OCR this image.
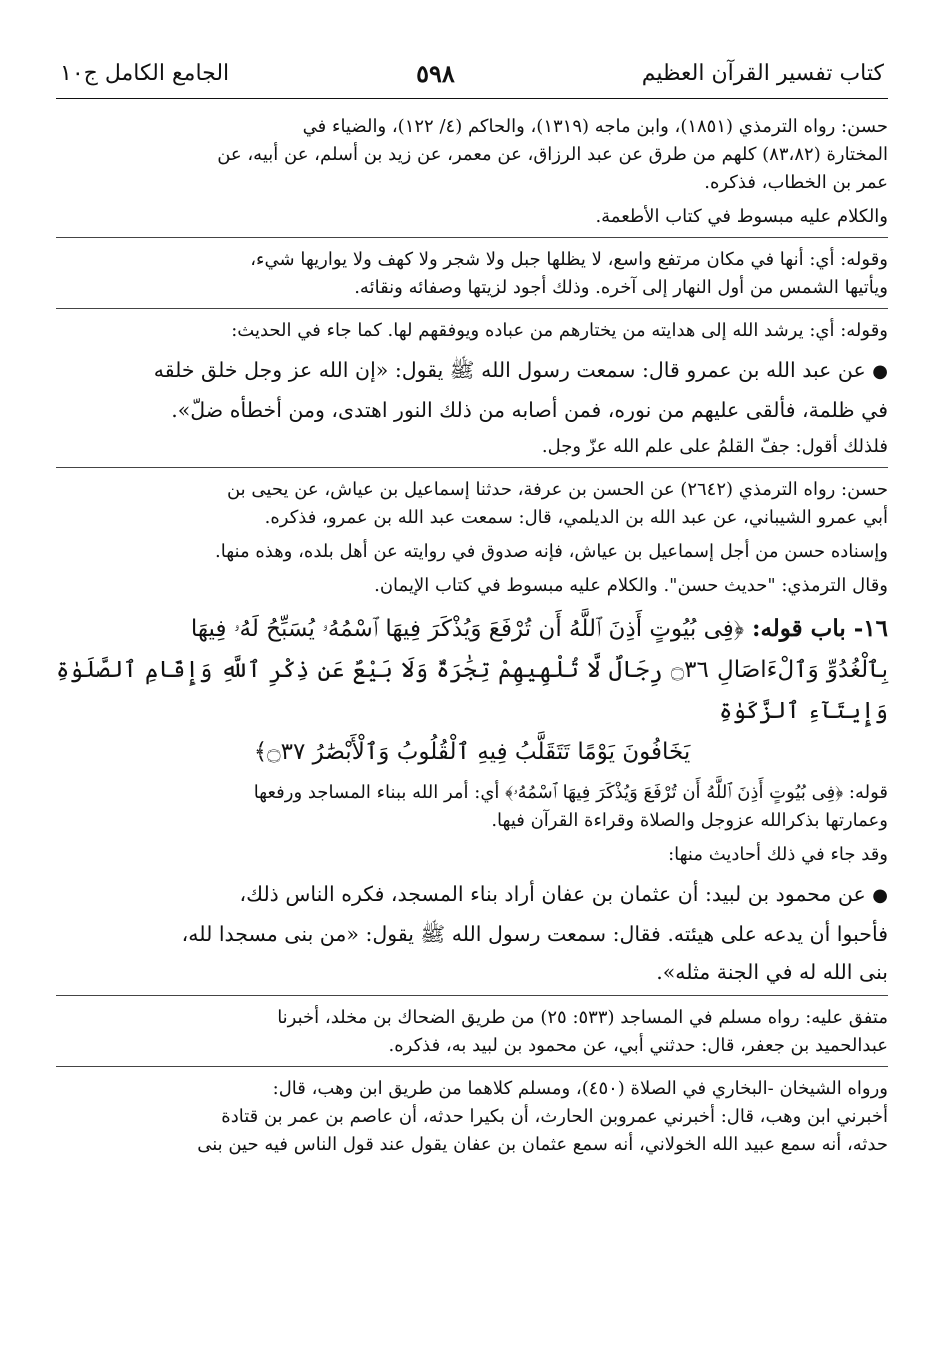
كتاب تفسير القرآن العظيم
٥٩٨
الجامع الكامل ج١٠
حسن: رواه الترمذي (١٨٥١)، وابن ماجه (١٣١٩)، والحاكم (٤/ ١٢٢)، والضياء في
المختارة (٨٣،٨٢) كلهم من طرق عن عبد الرزاق، عن معمر، عن زيد بن أسلم، عن أبيه، عن
عمر بن الخطاب، فذكره.
والكلام عليه مبسوط في كتاب الأطعمة.
وقوله: أي: أنها في مكان مرتفع واسع، لا يظلها جبل ولا شجر ولا كهف ولا يواريها شيء،
ويأتيها الشمس من أول النهار إلى آخره. وذلك أجود لزيتها وصفائه ونقائه.
وقوله: أي: يرشد الله إلى هدايته من يختارهم من عباده ويوفقهم لها. كما جاء في الحديث:
● عن عبد الله بن عمرو قال: سمعت رسول الله ﷺ يقول: «إن الله عز وجل خلق خلقه
في ظلمة، فألقى عليهم من نوره، فمن أصابه من ذلك النور اهتدى، ومن أخطأه ضلّ».
فلذلك أقول: جفّ القلمُ على علم الله عزّ وجل.
حسن: رواه الترمذي (٢٦٤٢) عن الحسن بن عرفة، حدثنا إسماعيل بن عياش، عن يحيى بن
أبي عمرو الشيباني، عن عبد الله بن الديلمي، قال: سمعت عبد الله بن عمرو، فذكره.
وإسناده حسن من أجل إسماعيل بن عياش، فإنه صدوق في روايته عن أهل بلده، وهذه منها.
وقال الترمذي: "حديث حسن". والكلام عليه مبسوط في كتاب الإيمان.
١٦- باب قوله: ﴿فِى بُيُوتٍ أَذِنَ ٱللَّهُ أَن تُرْفَعَ وَيُذْكَرَ فِيهَا ٱسْمُهُۥ يُسَبِّحُ لَهُۥ فِيهَا
بِٱلْغُدُوِّ وَٱلْءَاصَالِ ۝٣٦ رِجَالٌ لَّا تُلْهِيهِمْ تِجَٰرَةٌ وَلَا بَيْعٌ عَن ذِكْرِ ٱللَّهِ وَإِقَامِ ٱلصَّلَوٰةِ وَإِيتَآءِ ٱلزَّكَوٰةِ
يَخَافُونَ يَوْمًا تَتَقَلَّبُ فِيهِ ٱلْقُلُوبُ وَٱلْأَبْصَٰرُ ۝٣٧﴾
قوله: ﴿فِى بُيُوتٍ أَذِنَ ٱللَّهُ أَن تُرْفَعَ وَيُذْكَرَ فِيهَا ٱسْمُهُۥ﴾ أي: أمر الله ببناء المساجد ورفعها
وعمارتها بذكرالله عزوجل والصلاة وقراءة القرآن فيها.
وقد جاء في ذلك أحاديث منها:
● عن محمود بن لبيد: أن عثمان بن عفان أراد بناء المسجد، فكره الناس ذلك،
فأحبوا أن يدعه على هيئته. فقال: سمعت رسول الله ﷺ يقول: «من بنى مسجدا لله،
بنى الله له في الجنة مثله».
متفق عليه: رواه مسلم في المساجد (٥٣٣: ٢٥) من طريق الضحاك بن مخلد، أخبرنا
عبدالحميد بن جعفر، قال: حدثني أبي، عن محمود بن لبيد به، فذكره.
ورواه الشيخان -البخاري في الصلاة (٤٥٠)، ومسلم كلاهما من طريق ابن وهب، قال:
أخبرني ابن وهب، قال: أخبرني عمروبن الحارث، أن بكيرا حدثه، أن عاصم بن عمر بن قتادة
حدثه، أنه سمع عبيد الله الخولاني، أنه سمع عثمان بن عفان يقول عند قول الناس فيه حين بنى
